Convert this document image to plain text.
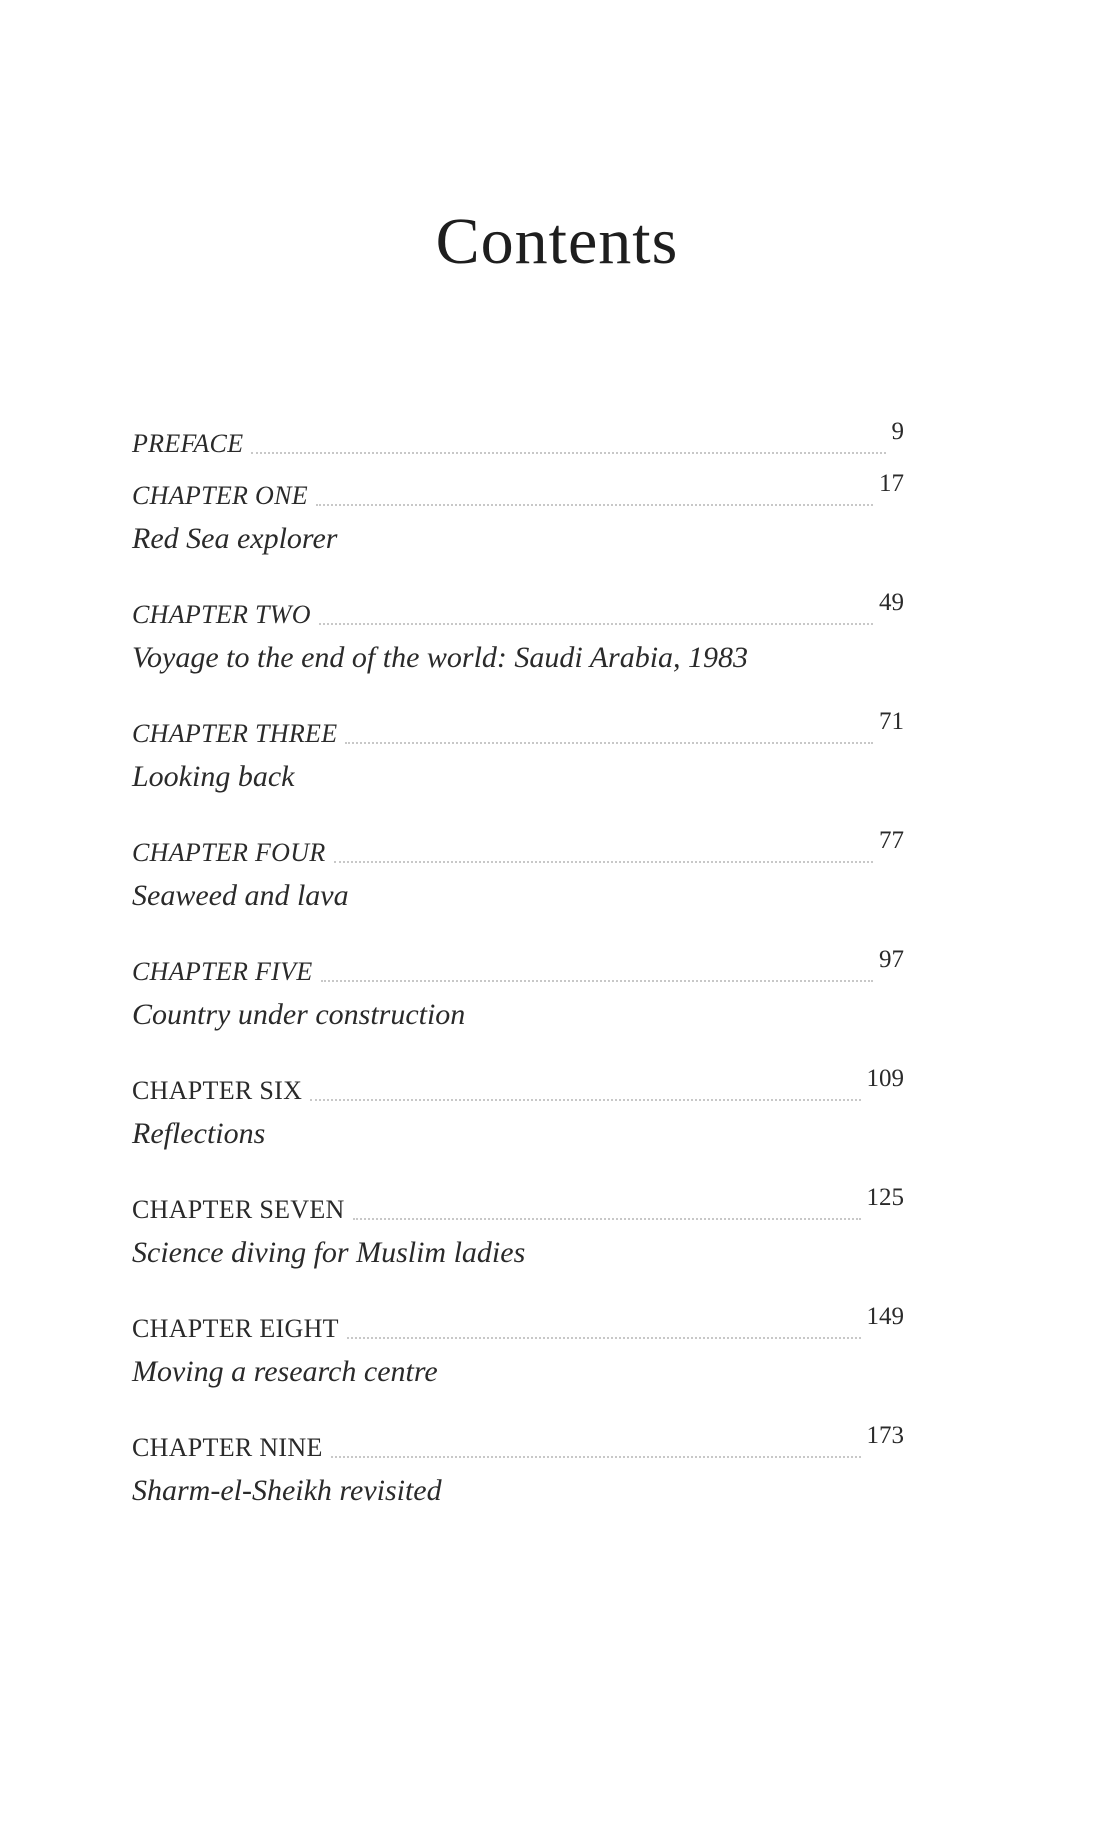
Contents
PREFACE	9
CHAPTER ONE	17
Red Sea explorer
CHAPTER TWO	49
Voyage to the end of the world: Saudi Arabia, 1983
CHAPTER THREE	71
Looking back
CHAPTER FOUR	77
Seaweed and lava
CHAPTER FIVE	97
Country under construction
CHAPTER SIX	109
Reflections
CHAPTER SEVEN	125
Science diving for Muslim ladies
CHAPTER EIGHT	149
Moving a research centre
CHAPTER NINE	173
Sharm-el-Sheikh revisited
